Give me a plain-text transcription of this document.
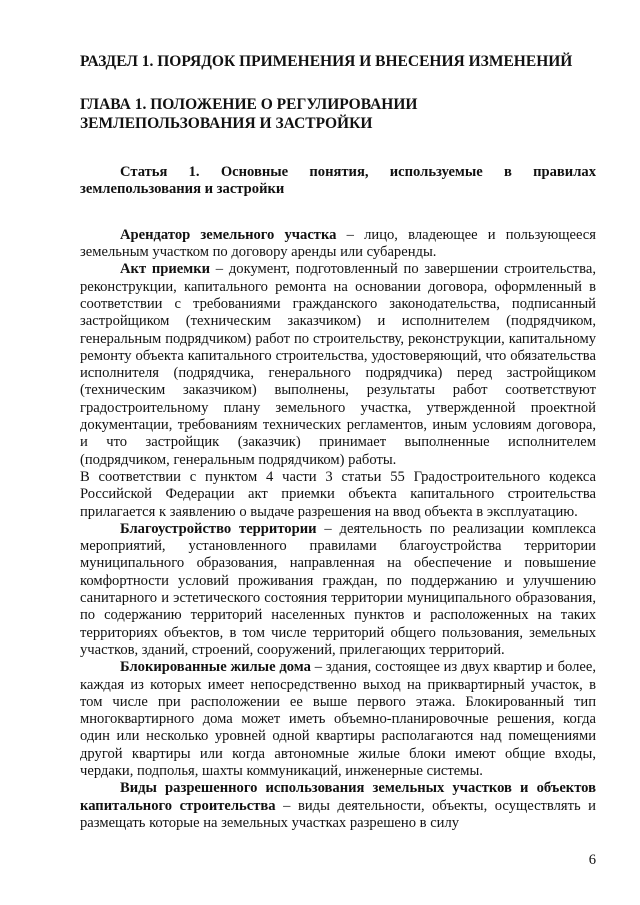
РАЗДЕЛ 1. ПОРЯДОК ПРИМЕНЕНИЯ И ВНЕСЕНИЯ ИЗМЕНЕНИЙ
ГЛАВА 1. ПОЛОЖЕНИЕ О РЕГУЛИРОВАНИИ ЗЕМЛЕПОЛЬЗОВАНИЯ И ЗАСТРОЙКИ
Статья 1. Основные понятия, используемые в правилах землепользования и застройки

Арендатор земельного участка – лицо, владеющее и пользующееся земельным участком по договору аренды или субаренды.

Акт приемки – документ, подготовленный по завершении строительства, реконструкции, капитального ремонта на основании договора, оформленный в соответствии с требованиями гражданского законодательства, подписанный застройщиком (техническим заказчиком) и исполнителем (подрядчиком, генеральным подрядчиком) работ по строительству, реконструкции, капитальному ремонту объекта капитального строительства, удостоверяющий, что обязательства исполнителя (подрядчика, генерального подрядчика) перед застройщиком (техническим заказчиком) выполнены, результаты работ соответствуют градостроительному плану земельного участка, утвержденной проектной документации, требованиям технических регламентов, иным условиям договора, и что застройщик (заказчик) принимает выполненные исполнителем (подрядчиком, генеральным подрядчиком) работы.

В соответствии с пунктом 4 части 3 статьи 55 Градостроительного кодекса Российской Федерации акт приемки объекта капитального строительства прилагается к заявлению о выдаче разрешения на ввод объекта в эксплуатацию.

Благоустройство территории – деятельность по реализации комплекса мероприятий, установленного правилами благоустройства территории муниципального образования, направленная на обеспечение и повышение комфортности условий проживания граждан, по поддержанию и улучшению санитарного и эстетического состояния территории муниципального образования, по содержанию территорий населенных пунктов и расположенных на таких территориях объектов, в том числе территорий общего пользования, земельных участков, зданий, строений, сооружений, прилегающих территорий.

Блокированные жилые дома – здания, состоящее из двух квартир и более, каждая из которых имеет непосредственно выход на приквартирный участок, в том числе при расположении ее выше первого этажа. Блокированный тип многоквартирного дома может иметь объемно-планировочные решения, когда один или несколько уровней одной квартиры располагаются над помещениями другой квартиры или когда автономные жилые блоки имеют общие входы, чердаки, подполья, шахты коммуникаций, инженерные системы.

Виды разрешенного использования земельных участков и объектов капитального строительства – виды деятельности, объекты, осуществлять и размещать которые на земельных участках разрешено в силу

6
